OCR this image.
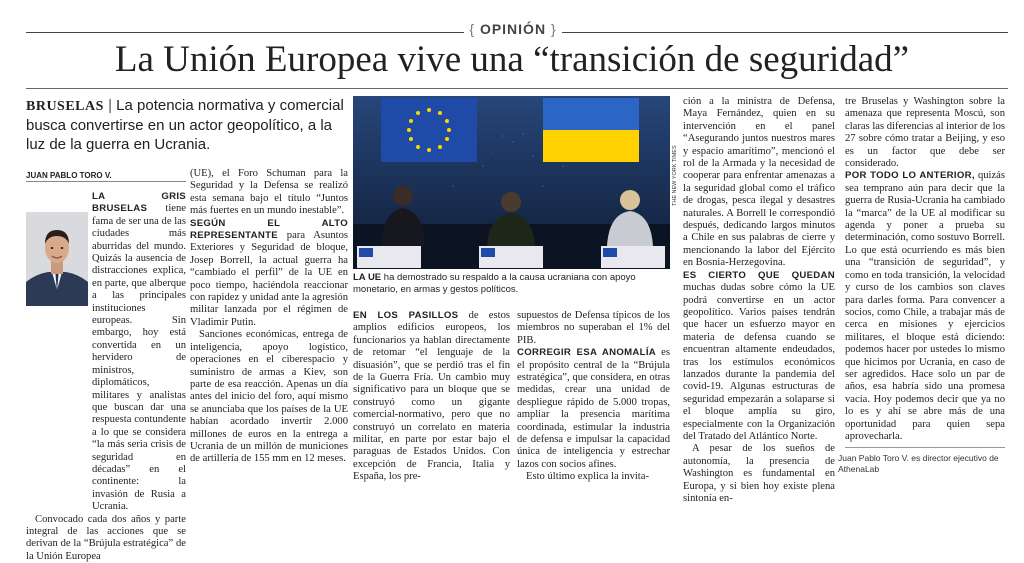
{ OPINIÓN }
La Unión Europea vive una “transición de seguridad”
BRUSELAS | La potencia normativa y comercial busca convertirse en un actor geopolítico, a la luz de la guerra en Ucrania.
JUAN PABLO TORO V.

LA GRIS BRUSELAS tiene fama de ser una de las ciudades más aburridas del mundo. Quizás la ausencia de distracciones explica, en parte, que alberque a las principales instituciones europeas. Sin embargo, hoy está convertida en un hervidero de ministros, diplomáticos, militares y analistas que buscan dar una respuesta contundente a lo que se considera “la más seria crisis de seguridad en décadas” en el continente: la invasión de Rusia a Ucrania.

Convocado cada dos años y parte integral de las acciones que se derivan de la “Brújula estratégica” de la Unión Europea

(UE), el Foro Schuman para la Seguridad y la Defensa se realizó esta semana bajo el título “Juntos más fuertes en un mundo inestable”.

SEGÚN EL ALTO REPRESENTANTE para Asuntos Exteriores y Seguridad de bloque, Josep Borrell, la actual guerra ha “cambiado el perfil” de la UE en poco tiempo, haciéndola reaccionar con rapidez y unidad ante la agresión militar lanzada por el régimen de Vladimir Putin.

Sanciones económicas, entrega de inteligencia, apoyo logístico, operaciones en el ciberespacio y suministro de armas a Kiev, son parte de esa reacción. Apenas un día antes del inicio del foro, aquí mismo se anunciaba que los países de la UE habían acordado invertir 2.000 millones de euros en la entrega a Ucrania de un millón de municiones de artillería de 155 mm en 12 meses.

THE NEW YORK TIMES
LA UE ha demostrado su respaldo a la causa ucraniana con apoyo monetario, en armas y gestos políticos.

EN LOS PASILLOS de estos amplios edificios europeos, los funcionarios ya hablan directamente de retomar “el lenguaje de la disuasión”, que se perdió tras el fin de la Guerra Fría. Un cambio muy significativo para un bloque que se construyó como un gigante comercial-normativo, pero que no construyó un correlato en materia militar, en parte por estar bajo el paraguas de Estados Unidos. Con excepción de Francia, Italia y España, los pre-

supuestos de Defensa típicos de los miembros no superaban el 1% del PIB.

CORREGIR ESA ANOMALÍA es el propósito central de la “Brújula estratégica”, que considera, en otras medidas, crear una unidad de despliegue rápido de 5.000 tropas, ampliar la presencia marítima coordinada, estimular la industria de defensa e impulsar la capacidad única de inteligencia y estrechar lazos con socios afines.

Esto último explica la invita-

ción a la ministra de Defensa, Maya Fernández, quien en su intervención en el panel “Asegurando juntos nuestros mares y espacio amarítimo”, mencionó el rol de la Armada y la necesidad de cooperar para enfrentar amenazas a la seguridad global como el tráfico de drogas, pesca ilegal y desastres naturales. A Borrell le correspondió después, dedicando largos minutos a Chile en sus palabras de cierre y mencionando la labor del Ejército en Bosnia-Herzegovina.

ES CIERTO QUE QUEDAN muchas dudas sobre cómo la UE podrá convertirse en un actor geopolítico. Varios países tendrán que hacer un esfuerzo mayor en materia de defensa cuando se encuentran altamente endeudados, tras los estímulos económicos lanzados durante la pandemia del covid-19. Algunas estructuras de seguridad empezarán a solaparse si el bloque amplía su giro, especialmente con la Organización del Tratado del Atlántico Norte.

A pesar de los sueños de autonomía, la presencia de Washington es fundamental en Europa, y si bien hoy existe plena sintonía en-

tre Bruselas y Washington sobre la amenaza que representa Moscú, son claras las diferencias al interior de los 27 sobre cómo tratar a Beijing, y eso es un factor que debe ser considerado.

POR TODO LO ANTERIOR, quizás sea temprano aún para decir que la guerra de Rusia-Ucrania ha cambiado la “marca” de la UE al modificar su agenda y poner a prueba su determinación, como sostuvo Borrell. Lo que está ocurriendo es más bien una “transición de seguridad”, y como en toda transición, la velocidad y curso de los cambios son claves para darles forma. Para convencer a socios, como Chile, a trabajar más de cerca en misiones y ejercicios militares, el bloque está diciendo: podemos hacer por ustedes lo mismo que hicimos por Ucrania, en caso de ser agredidos. Hace solo un par de años, esa habría sido una promesa vacía. Hoy podemos decir que ya no lo es y ahí se abre más de una oportunidad para quien sepa aprovecharla.

Juan Pablo Toro V. es director ejecutivo de AthenaLab
